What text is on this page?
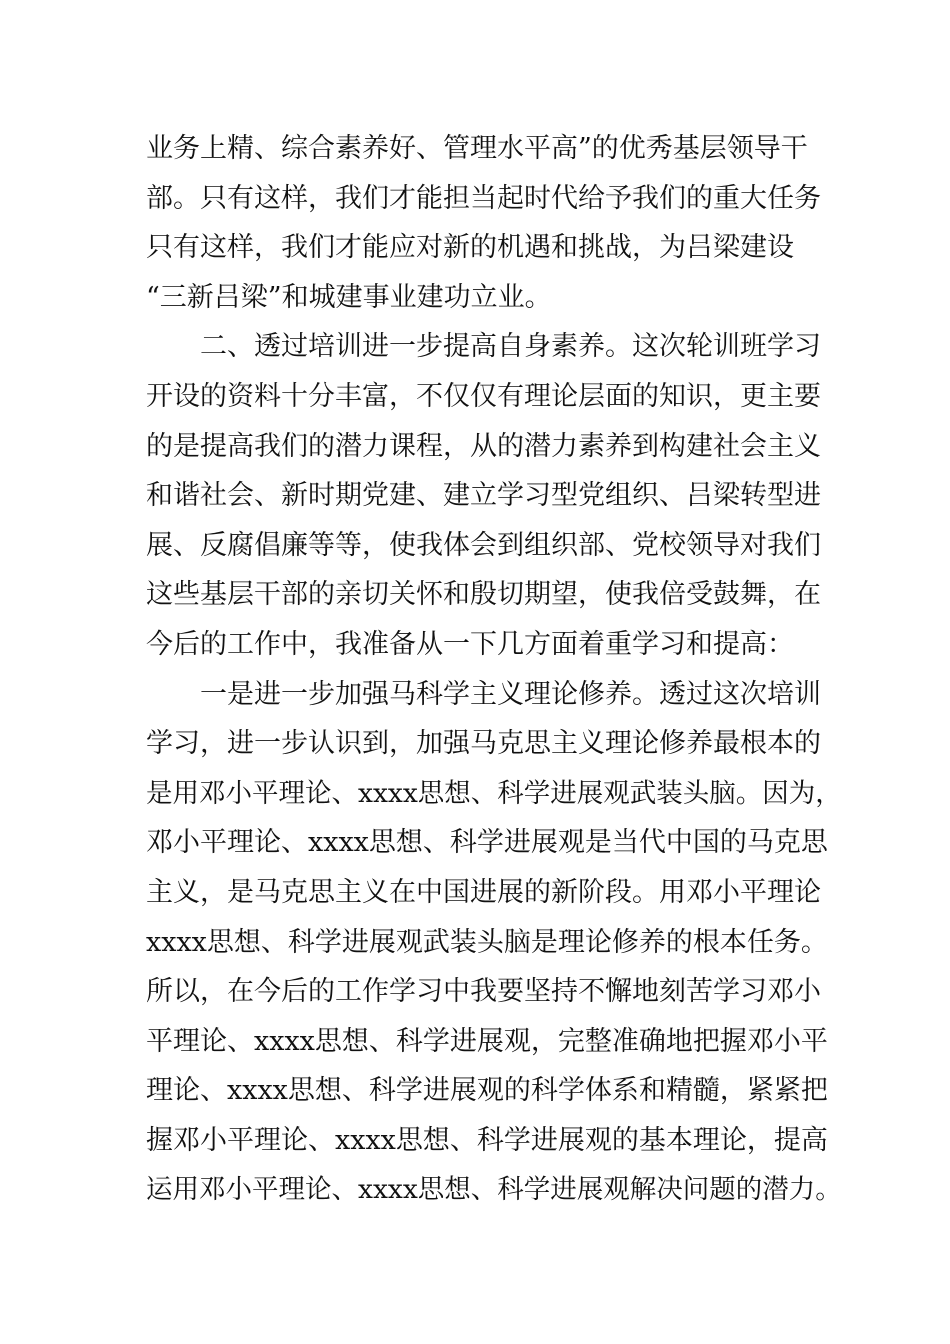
业务上精、综合素养好、管理水平高”的优秀基层领导干
部。只有这样，我们才能担当起时代给予我们的重大任务
只有这样，我们才能应对新的机遇和挑战，为吕梁建设
“三新吕梁”和城建事业建功立业。
二、透过培训进一步提高自身素养。这次轮训班学习
开设的资料十分丰富，不仅仅有理论层面的知识，更主要
的是提高我们的潜力课程，从的潜力素养到构建社会主义
和谐社会、新时期党建、建立学习型党组织、吕梁转型进
展、反腐倡廉等等，使我体会到组织部、党校领导对我们
这些基层干部的亲切关怀和殷切期望，使我倍受鼓舞，在
今后的工作中，我准备从一下几方面着重学习和提高：
一是进一步加强马科学主义理论修养。透过这次培训
学习，进一步认识到，加强马克思主义理论修养最根本的
是用邓小平理论、xxxx思想、科学进展观武装头脑。因为，
邓小平理论、xxxx思想、科学进展观是当代中国的马克思
主义，是马克思主义在中国进展的新阶段。用邓小平理论
xxxx思想、科学进展观武装头脑是理论修养的根本任务。
所以，在今后的工作学习中我要坚持不懈地刻苦学习邓小
平理论、xxxx思想、科学进展观，完整准确地把握邓小平
理论、xxxx思想、科学进展观的科学体系和精髓，紧紧把
握邓小平理论、xxxx思想、科学进展观的基本理论，提高
运用邓小平理论、xxxx思想、科学进展观解决问题的潜力。
